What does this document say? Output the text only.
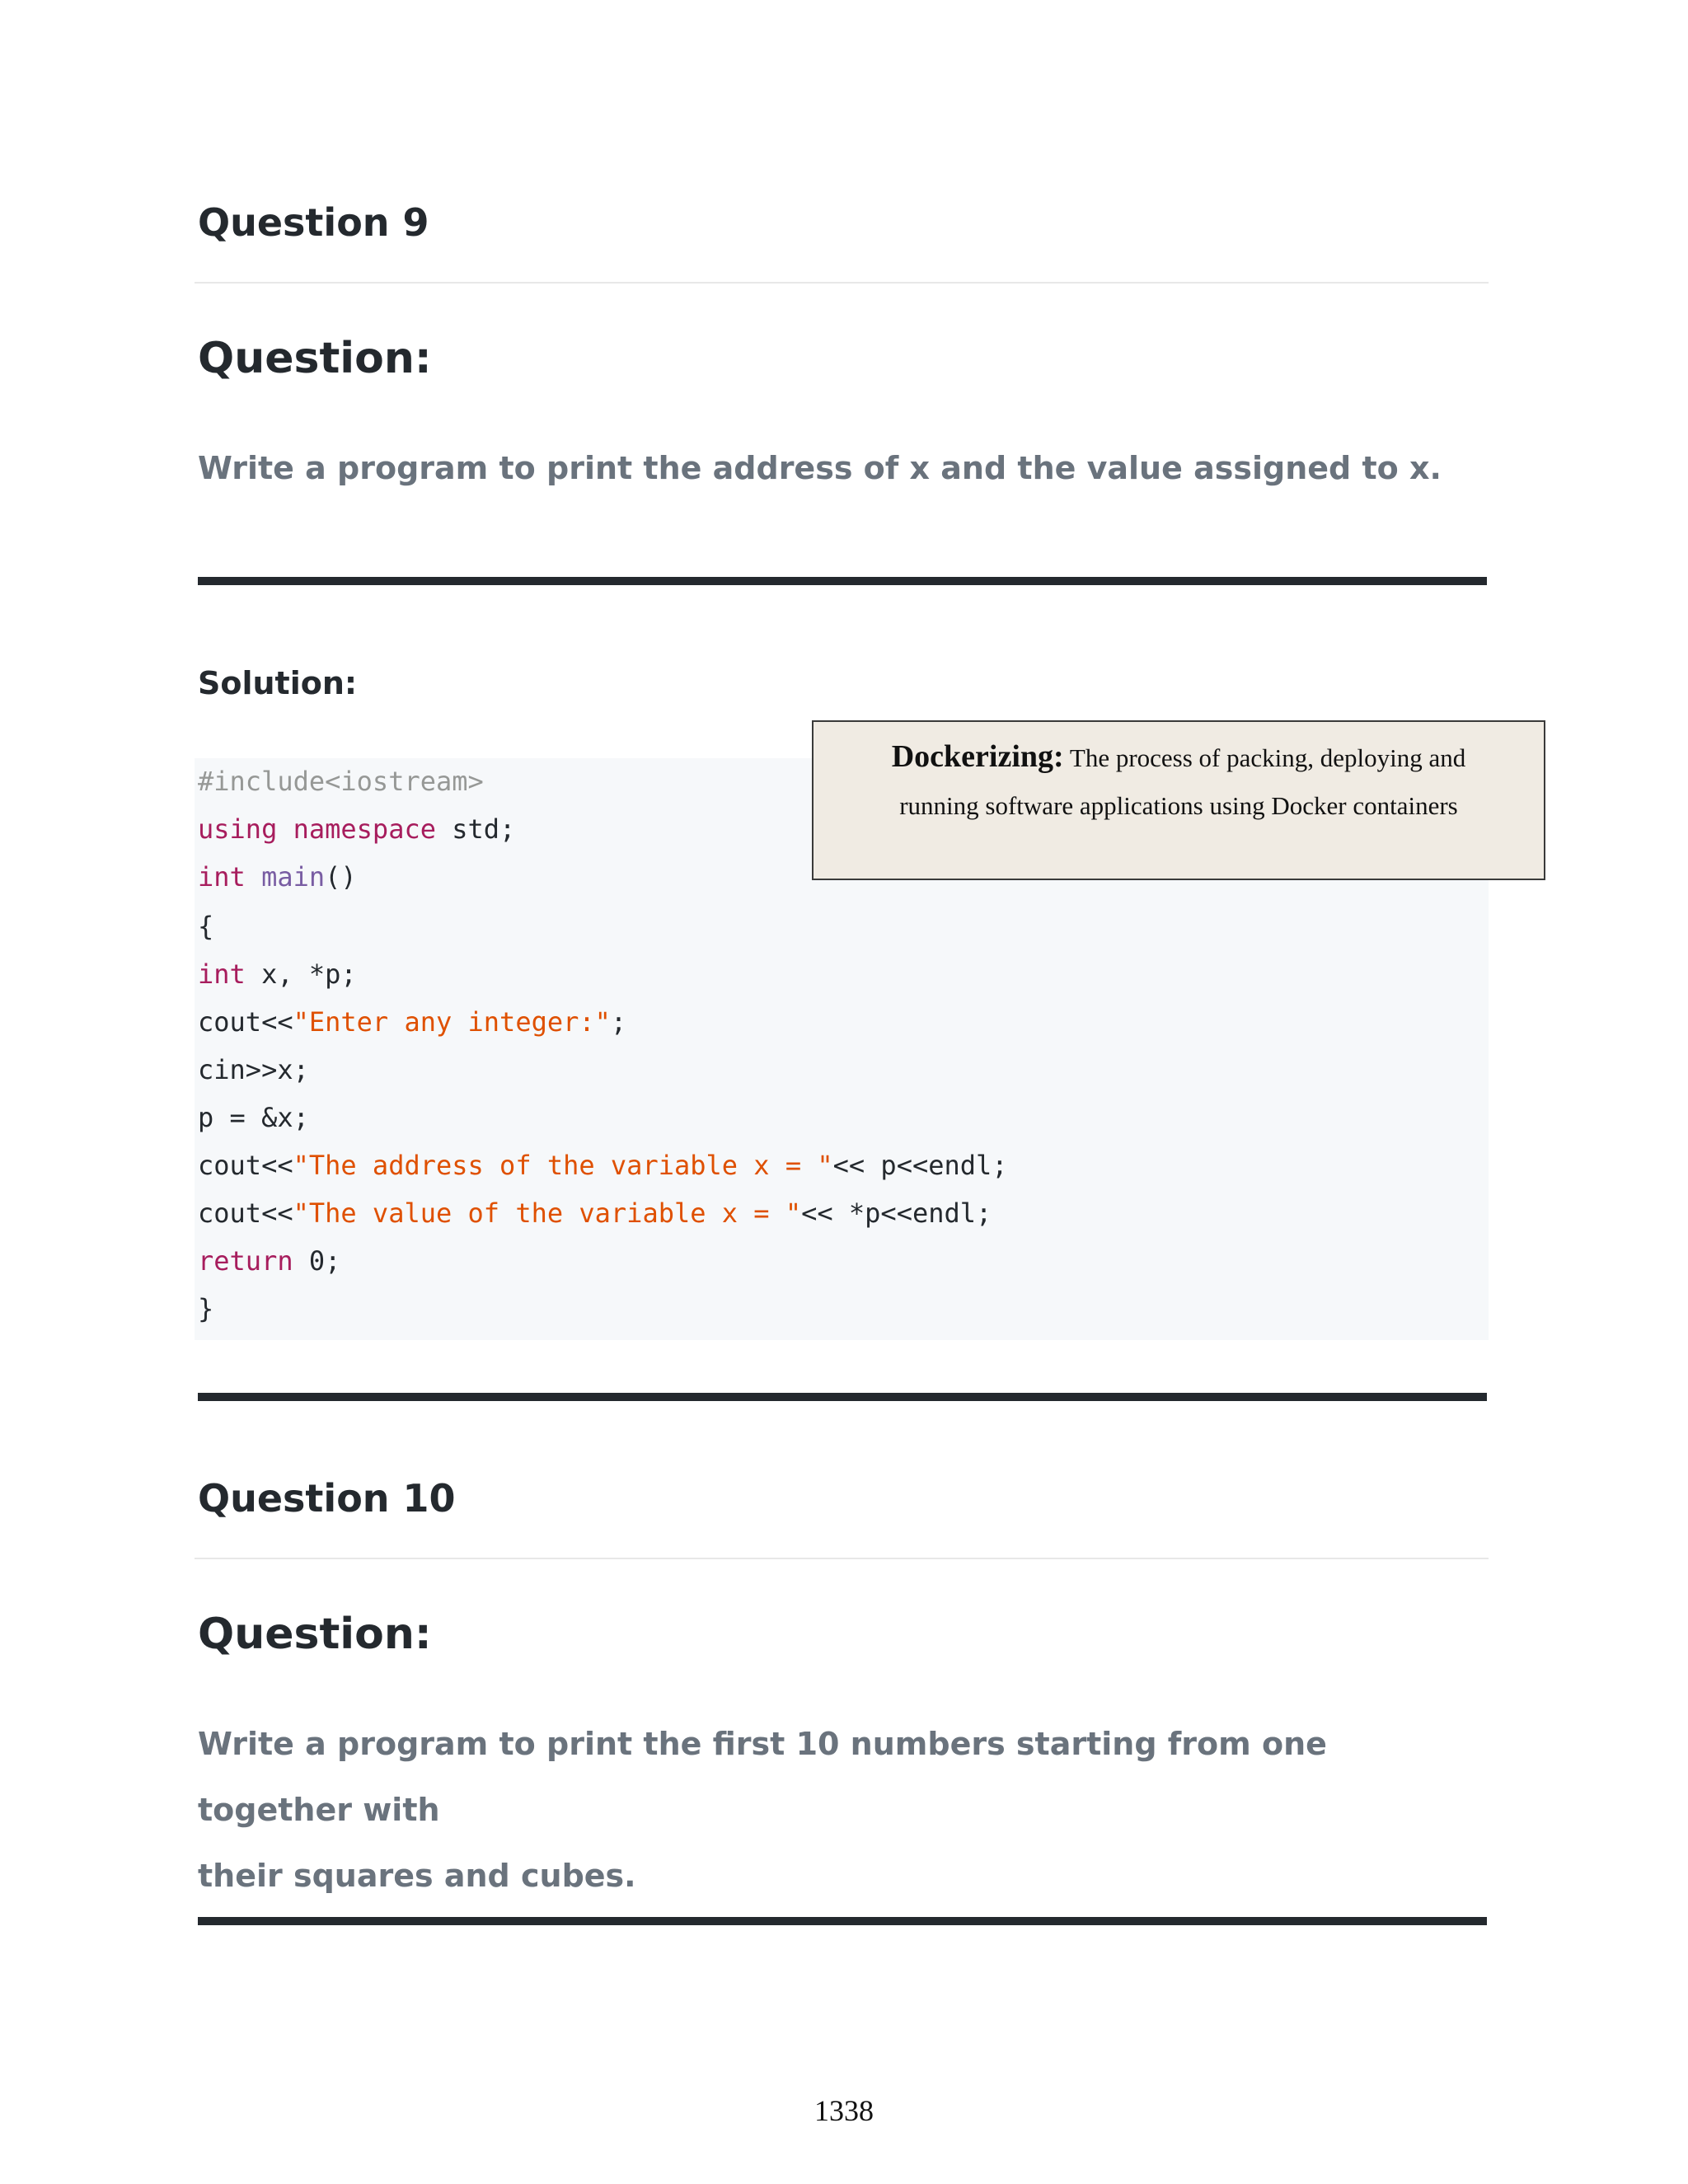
Question 9
Question:

Write a program to print the address of x and the value assigned to x.

Solution:
#include<iostream>
using namespace std;
int main()
{
int x, *p;
cout<<"Enter any integer:";
cin>>x;
p = &x;
cout<<"The address of the variable x = "<< p<<endl;
cout<<"The value of the variable x = "<< *p<<endl;
return 0;
}
Dockerizing: The process of packing, deploying and
running software applications using Docker containers
Question 10
Question:

Write a program to print the first 10 numbers starting from one together with
their squares and cubes.

1338
